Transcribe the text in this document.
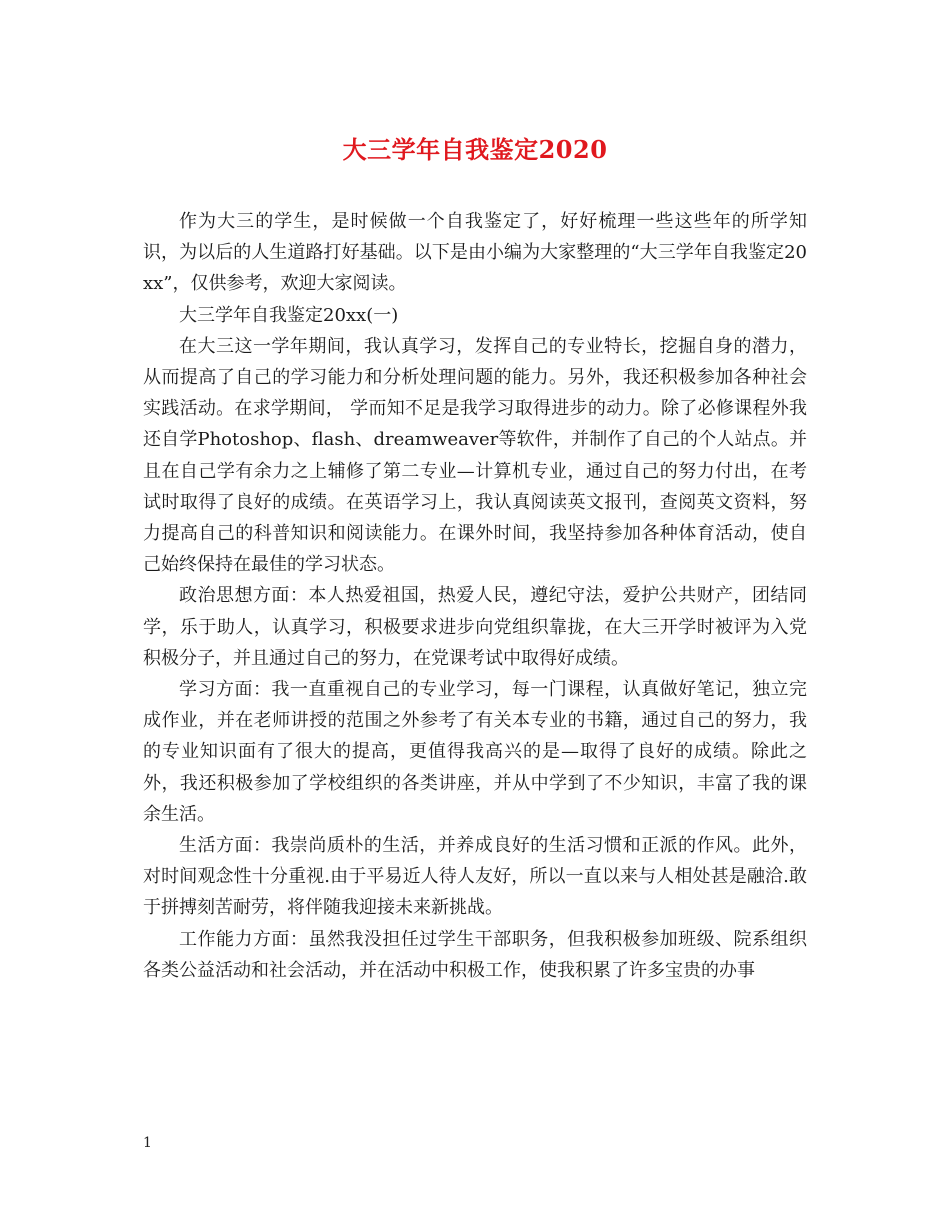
大三学年自我鉴定2020

作为大三的学生，是时候做一个自我鉴定了，好好梳理一些这些年的所学知识，为以后的人生道路打好基础。以下是由小编为大家整理的“大三学年自我鉴定20xx”，仅供参考，欢迎大家阅读。

大三学年自我鉴定20xx(一)

在大三这一学年期间，我认真学习，发挥自己的专业特长，挖掘自身的潜力，从而提高了自己的学习能力和分析处理问题的能力。另外，我还积极参加各种社会实践活动。在求学期间， 学而知不足是我学习取得进步的动力。除了必修课程外我还自学Photoshop、flash、dreamweaver等软件，并制作了自己的个人站点。并且在自己学有余力之上辅修了第二专业—计算机专业，通过自己的努力付出，在考试时取得了良好的成绩。在英语学习上，我认真阅读英文报刊，查阅英文资料，努力提高自己的科普知识和阅读能力。在课外时间，我坚持参加各种体育活动，使自己始终保持在最佳的学习状态。

政治思想方面：本人热爱祖国，热爱人民，遵纪守法，爱护公共财产，团结同学，乐于助人，认真学习，积极要求进步向党组织靠拢，在大三开学时被评为入党积极分子，并且通过自己的努力，在党课考试中取得好成绩。

学习方面：我一直重视自己的专业学习，每一门课程，认真做好笔记，独立完成作业，并在老师讲授的范围之外参考了有关本专业的书籍，通过自己的努力，我的专业知识面有了很大的提高，更值得我高兴的是—取得了良好的成绩。除此之外，我还积极参加了学校组织的各类讲座，并从中学到了不少知识，丰富了我的课余生活。

生活方面：我崇尚质朴的生活，并养成良好的生活习惯和正派的作风。此外，对时间观念性十分重视.由于平易近人待人友好，所以一直以来与人相处甚是融洽.敢于拼搏刻苦耐劳，将伴随我迎接未来新挑战。

工作能力方面：虽然我没担任过学生干部职务，但我积极参加班级、院系组织各类公益活动和社会活动，并在活动中积极工作，使我积累了许多宝贵的办事

1
